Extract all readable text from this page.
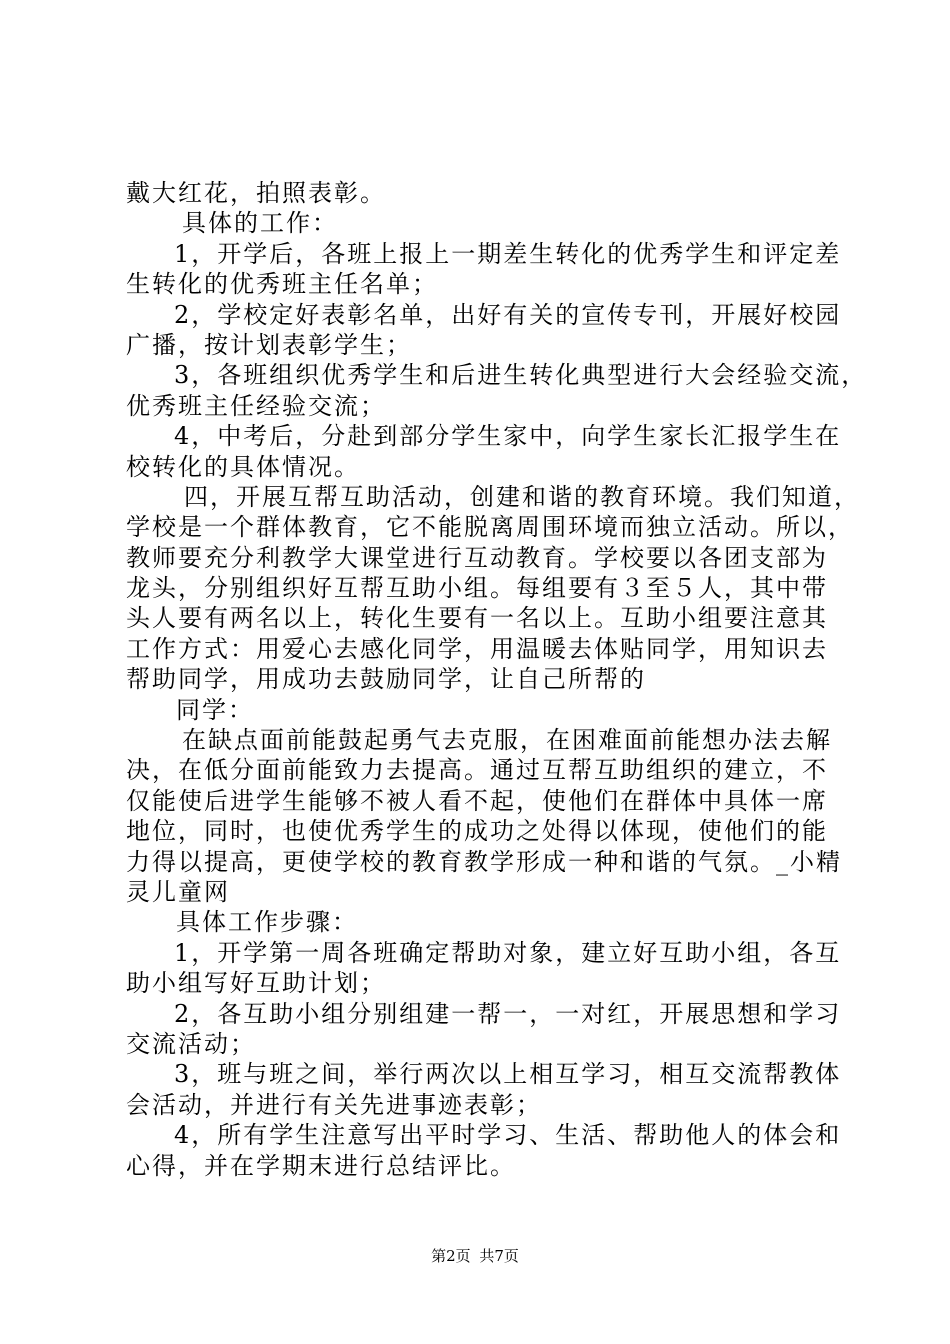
戴大红花，拍照表彰。
具体的工作：
1，开学后，各班上报上一期差生转化的优秀学生和评定差
生转化的优秀班主任名单；
2，学校定好表彰名单，出好有关的宣传专刊，开展好校园
广播，按计划表彰学生；
3，各班组织优秀学生和后进生转化典型进行大会经验交流，
优秀班主任经验交流；
4，中考后，分赴到部分学生家中，向学生家长汇报学生在
校转化的具体情况。
四，开展互帮互助活动，创建和谐的教育环境。我们知道，
学校是一个群体教育，它不能脱离周围环境而独立活动。所以，
教师要充分利教学大课堂进行互动教育。学校要以各团支部为
龙头，分别组织好互帮互助小组。每组要有３至５人，其中带
头人要有两名以上，转化生要有一名以上。互助小组要注意其
工作方式：用爱心去感化同学，用温暖去体贴同学，用知识去
帮助同学，用成功去鼓励同学，让自己所帮的
同学：
在缺点面前能鼓起勇气去克服，在困难面前能想办法去解
决，在低分面前能致力去提高。通过互帮互助组织的建立，不
仅能使后进学生能够不被人看不起，使他们在群体中具体一席
地位，同时，也使优秀学生的成功之处得以体现，使他们的能
力得以提高，更使学校的教育教学形成一种和谐的气氛。_小精
灵儿童网
具体工作步骤：
1，开学第一周各班确定帮助对象，建立好互助小组，各互
助小组写好互助计划；
2，各互助小组分别组建一帮一，一对红，开展思想和学习
交流活动；
3，班与班之间，举行两次以上相互学习，相互交流帮教体
会活动，并进行有关先进事迹表彰；
4，所有学生注意写出平时学习、生活、帮助他人的体会和
心得，并在学期末进行总结评比。
第2页 共7页
